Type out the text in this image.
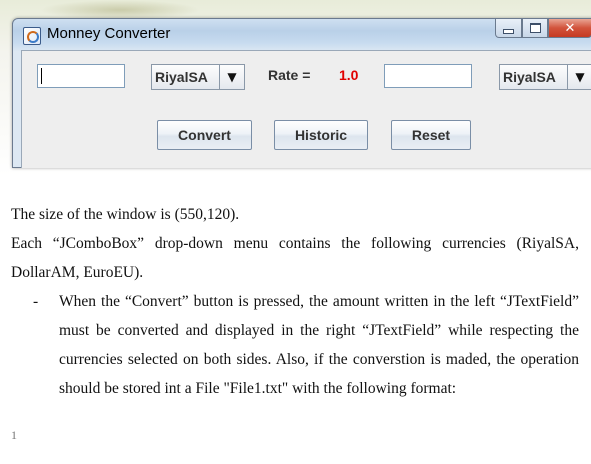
Monney Converter	✕
RiyalSA	▼	Rate = 1.0	RiyalSA	▼
Convert	Historic	Reset

The size of the window is (550,120).

Each “JComboBox” drop-down menu contains the following currencies (RiyalSA, DollarAM, EuroEU).

- When the “Convert” button is pressed, the amount written in the left “JTextField” must be converted and displayed in the right “JTextField” while respecting the currencies selected on both sides. Also, if the converstion is maded, the operation should be stored int a File "File1.txt" with the following format:

1
